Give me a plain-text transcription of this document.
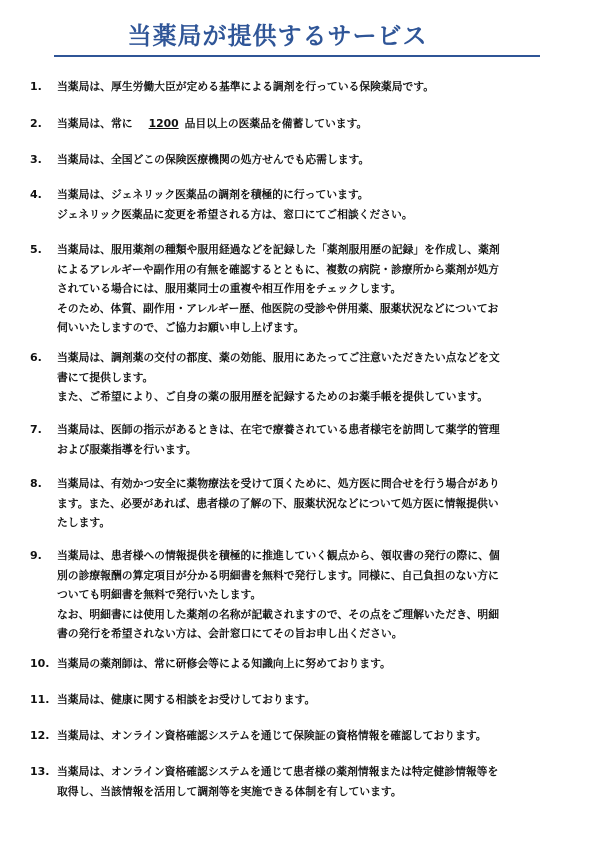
当薬局が提供するサービス
1.	当薬局は、厚生労働大臣が定める基準による調剤を行っている保険薬局です。
2.	当薬局は、常に 1200 品目以上の医薬品を備蓄しています。
3.	当薬局は、全国どこの保険医療機関の処方せんでも応需します。
4.	当薬局は、ジェネリック医薬品の調剤を積極的に行っています。
ジェネリック医薬品に変更を希望される方は、窓口にてご相談ください。
5.	当薬局は、服用薬剤の種類や服用経過などを記録した「薬剤服用歴の記録」を作成し、薬剤
によるアレルギーや副作用の有無を確認するとともに、複数の病院・診療所から薬剤が処方
されている場合には、服用薬同士の重複や相互作用をチェックします。
そのため、体質、副作用・アレルギー歴、他医院の受診や併用薬、服薬状況などについてお
伺いいたしますので、ご協力お願い申し上げます。
6.	当薬局は、調剤薬の交付の都度、薬の効能、服用にあたってご注意いただきたい点などを文
書にて提供します。
また、ご希望により、ご自身の薬の服用歴を記録するためのお薬手帳を提供しています。
7.	当薬局は、医師の指示があるときは、在宅で療養されている患者様宅を訪問して薬学的管理
および服薬指導を行います。
8.	当薬局は、有効かつ安全に薬物療法を受けて頂くために、処方医に問合せを行う場合があり
ます。また、必要があれば、患者様の了解の下、服薬状況などについて処方医に情報提供い
たします。
9.	当薬局は、患者様への情報提供を積極的に推進していく観点から、領収書の発行の際に、個
別の診療報酬の算定項目が分かる明細書を無料で発行します。同様に、自己負担のない方に
ついても明細書を無料で発行いたします。
なお、明細書には使用した薬剤の名称が記載されますので、その点をご理解いただき、明細
書の発行を希望されない方は、会計窓口にてその旨お申し出ください。
10. 当薬局の薬剤師は、常に研修会等による知識向上に努めております。
11. 当薬局は、健康に関する相談をお受けしております。
12. 当薬局は、オンライン資格確認システムを通じて保険証の資格情報を確認しております。
13. 当薬局は、オンライン資格確認システムを通じて患者様の薬剤情報または特定健診情報等を
取得し、当該情報を活用して調剤等を実施できる体制を有しています。
